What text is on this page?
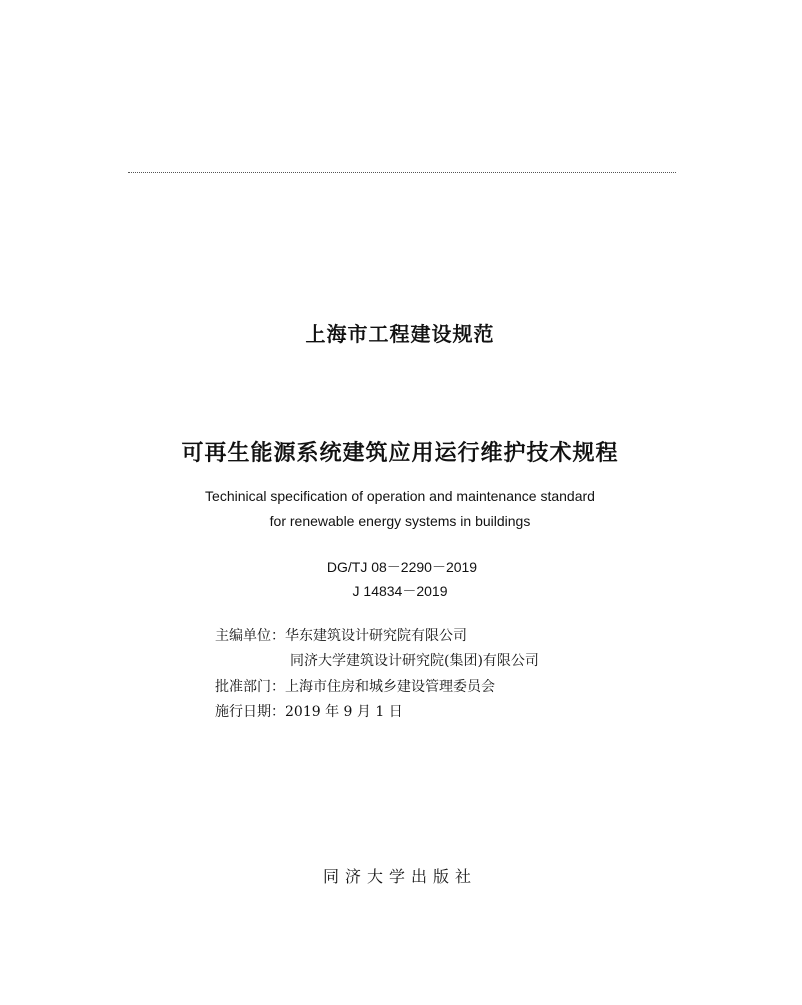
上海市工程建设规范
可再生能源系统建筑应用运行维护技术规程
Techinical specification of operation and maintenance standard
for renewable energy systems in buildings
DG/TJ 08－2290－2019
J 14834－2019
主编单位：华东建筑设计研究院有限公司
同济大学建筑设计研究院(集团)有限公司
批准部门：上海市住房和城乡建设管理委员会
施行日期：2019 年 9 月 1 日
同济大学出版社
